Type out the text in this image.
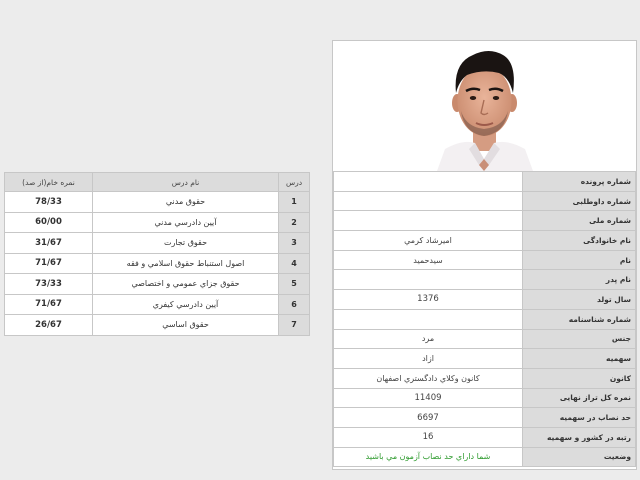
درس	نام درس	نمره خام(از صد)
1	حقوق مدني	78/33
2	آيين دادرسي مدني	60/00
3	حقوق تجارت	31/67
4	اصول استنباط حقوق اسلامي و فقه	71/67
5	حقوق جزاي عمومي و اختصاصي	73/33
6	آيين دادرسي كيفري	71/67
7	حقوق اساسي	26/67
شماره پرونده	
شماره داوطلبی	
شماره ملی	
نام خانوادگی	اميرشاد كرمي
نام	سيدحميد
نام پدر	
سال تولد	1376
شماره شناسنامه	
جنس	مرد
سهمیه	ازاد
کانون	كانون وكلاي دادگستري اصفهان
نمره کل تراز نهایی	11409
حد نصاب در سهمیه	6697
رتبه در کشور و سهمیه	16
وضعیت	شما داراي حد نصاب آزمون مي باشيد
